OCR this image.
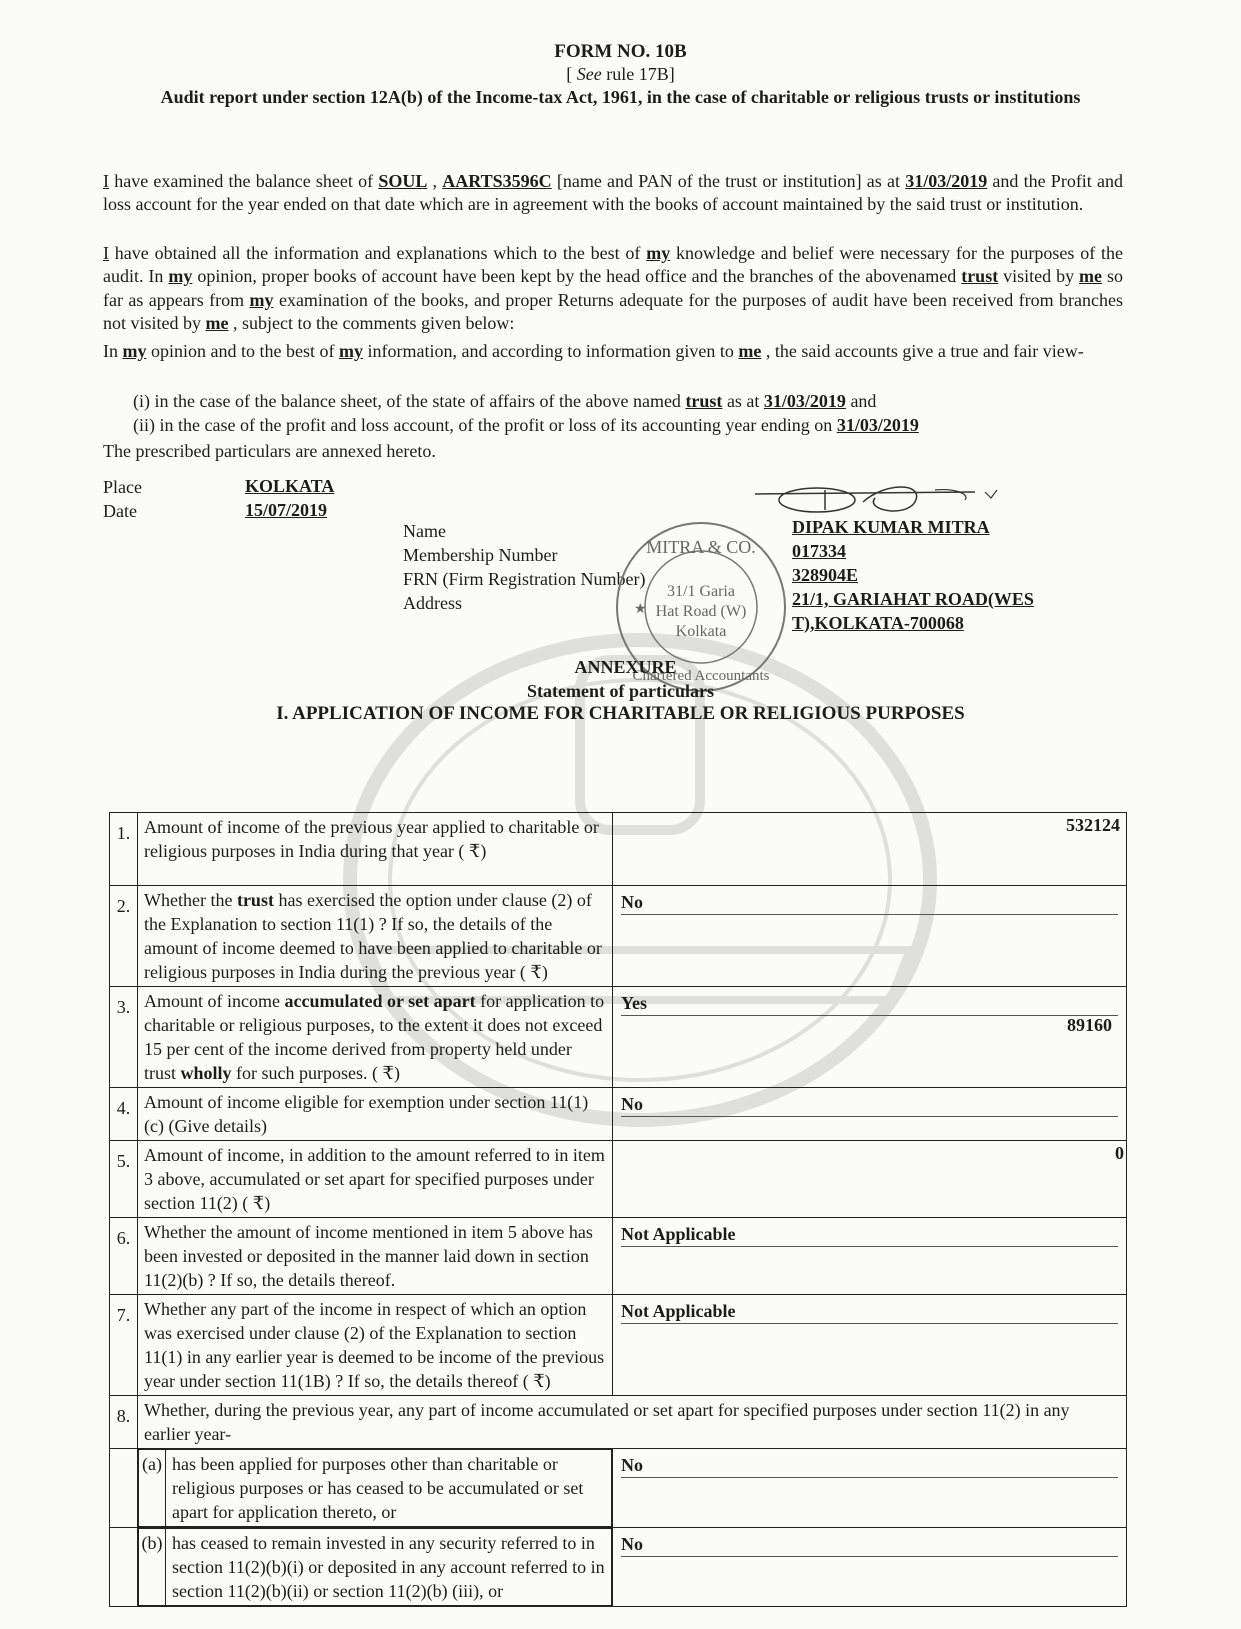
FORM NO. 10B
[ See rule 17B]
Audit report under section 12A(b) of the Income-tax Act, 1961, in the case of charitable or religious trusts or institutions
I have examined the balance sheet of SOUL , AARTS3596C [name and PAN of the trust or institution] as at 31/03/2019 and the Profit and loss account for the year ended on that date which are in agreement with the books of account maintained by the said trust or institution.
I have obtained all the information and explanations which to the best of my knowledge and belief were necessary for the purposes of the audit. In my opinion, proper books of account have been kept by the head office and the branches of the abovenamed trust visited by me so far as appears from my examination of the books, and proper Returns adequate for the purposes of audit have been received from branches not visited by me , subject to the comments given below:
In my opinion and to the best of my information, and according to information given to me , the said accounts give a true and fair view-
(i) in the case of the balance sheet, of the state of affairs of the above named trust as at 31/03/2019 and
(ii) in the case of the profit and loss account, of the profit or loss of its accounting year ending on 31/03/2019
The prescribed particulars are annexed hereto.
Place	KOLKATA
Date	15/07/2019
Name	DIPAK KUMAR MITRA
Membership Number	017334
FRN (Firm Registration Number)	328904E
Address	21/1, GARIAHAT ROAD(WES
T),KOLKATA-700068
MITRA & CO.
31/1 Garia
Hat Road (W)
Kolkata
Chartered Accountants
★
ANNEXURE
Statement of particulars
I. APPLICATION OF INCOME FOR CHARITABLE OR RELIGIOUS PURPOSES
1.	Amount of income of the previous year applied to charitable or religious purposes in India during that year ( ₹)	
532124

2.	Whether the trust has exercised the option under clause (2) of the Explanation to section 11(1) ? If so, the details of the amount of income deemed to have been applied to charitable or religious purposes in India during the previous year ( ₹)	
No

3.	Amount of income accumulated or set apart for application to charitable or religious purposes, to the extent it does not exceed 15 per cent of the income derived from property held under trust wholly for such purposes. ( ₹)	
Yes
89160

4.	Amount of income eligible for exemption under section 11(1)(c) (Give details)	
No

5.	Amount of income, in addition to the amount referred to in item 3 above, accumulated or set apart for specified purposes under section 11(2) ( ₹)	
0

6.	Whether the amount of income mentioned in item 5 above has been invested or deposited in the manner laid down in section 11(2)(b) ? If so, the details thereof.	
Not Applicable

7.	Whether any part of the income in respect of which an option was exercised under clause (2) of the Explanation to section 11(1) in any earlier year is deemed to be income of the previous year under section 11(1B) ? If so, the details thereof ( ₹)	
Not Applicable

8.	Whether, during the previous year, any part of income accumulated or set apart for specified purposes under section 11(2) in any earlier year-

(a)	has been applied for purposes other than charitable or religious purposes or has ceased to be accumulated or set apart for application thereto, or

No

(b)	has ceased to remain invested in any security referred to in section 11(2)(b)(i) or deposited in any account referred to in section 11(2)(b)(ii) or section 11(2)(b) (iii), or

No
